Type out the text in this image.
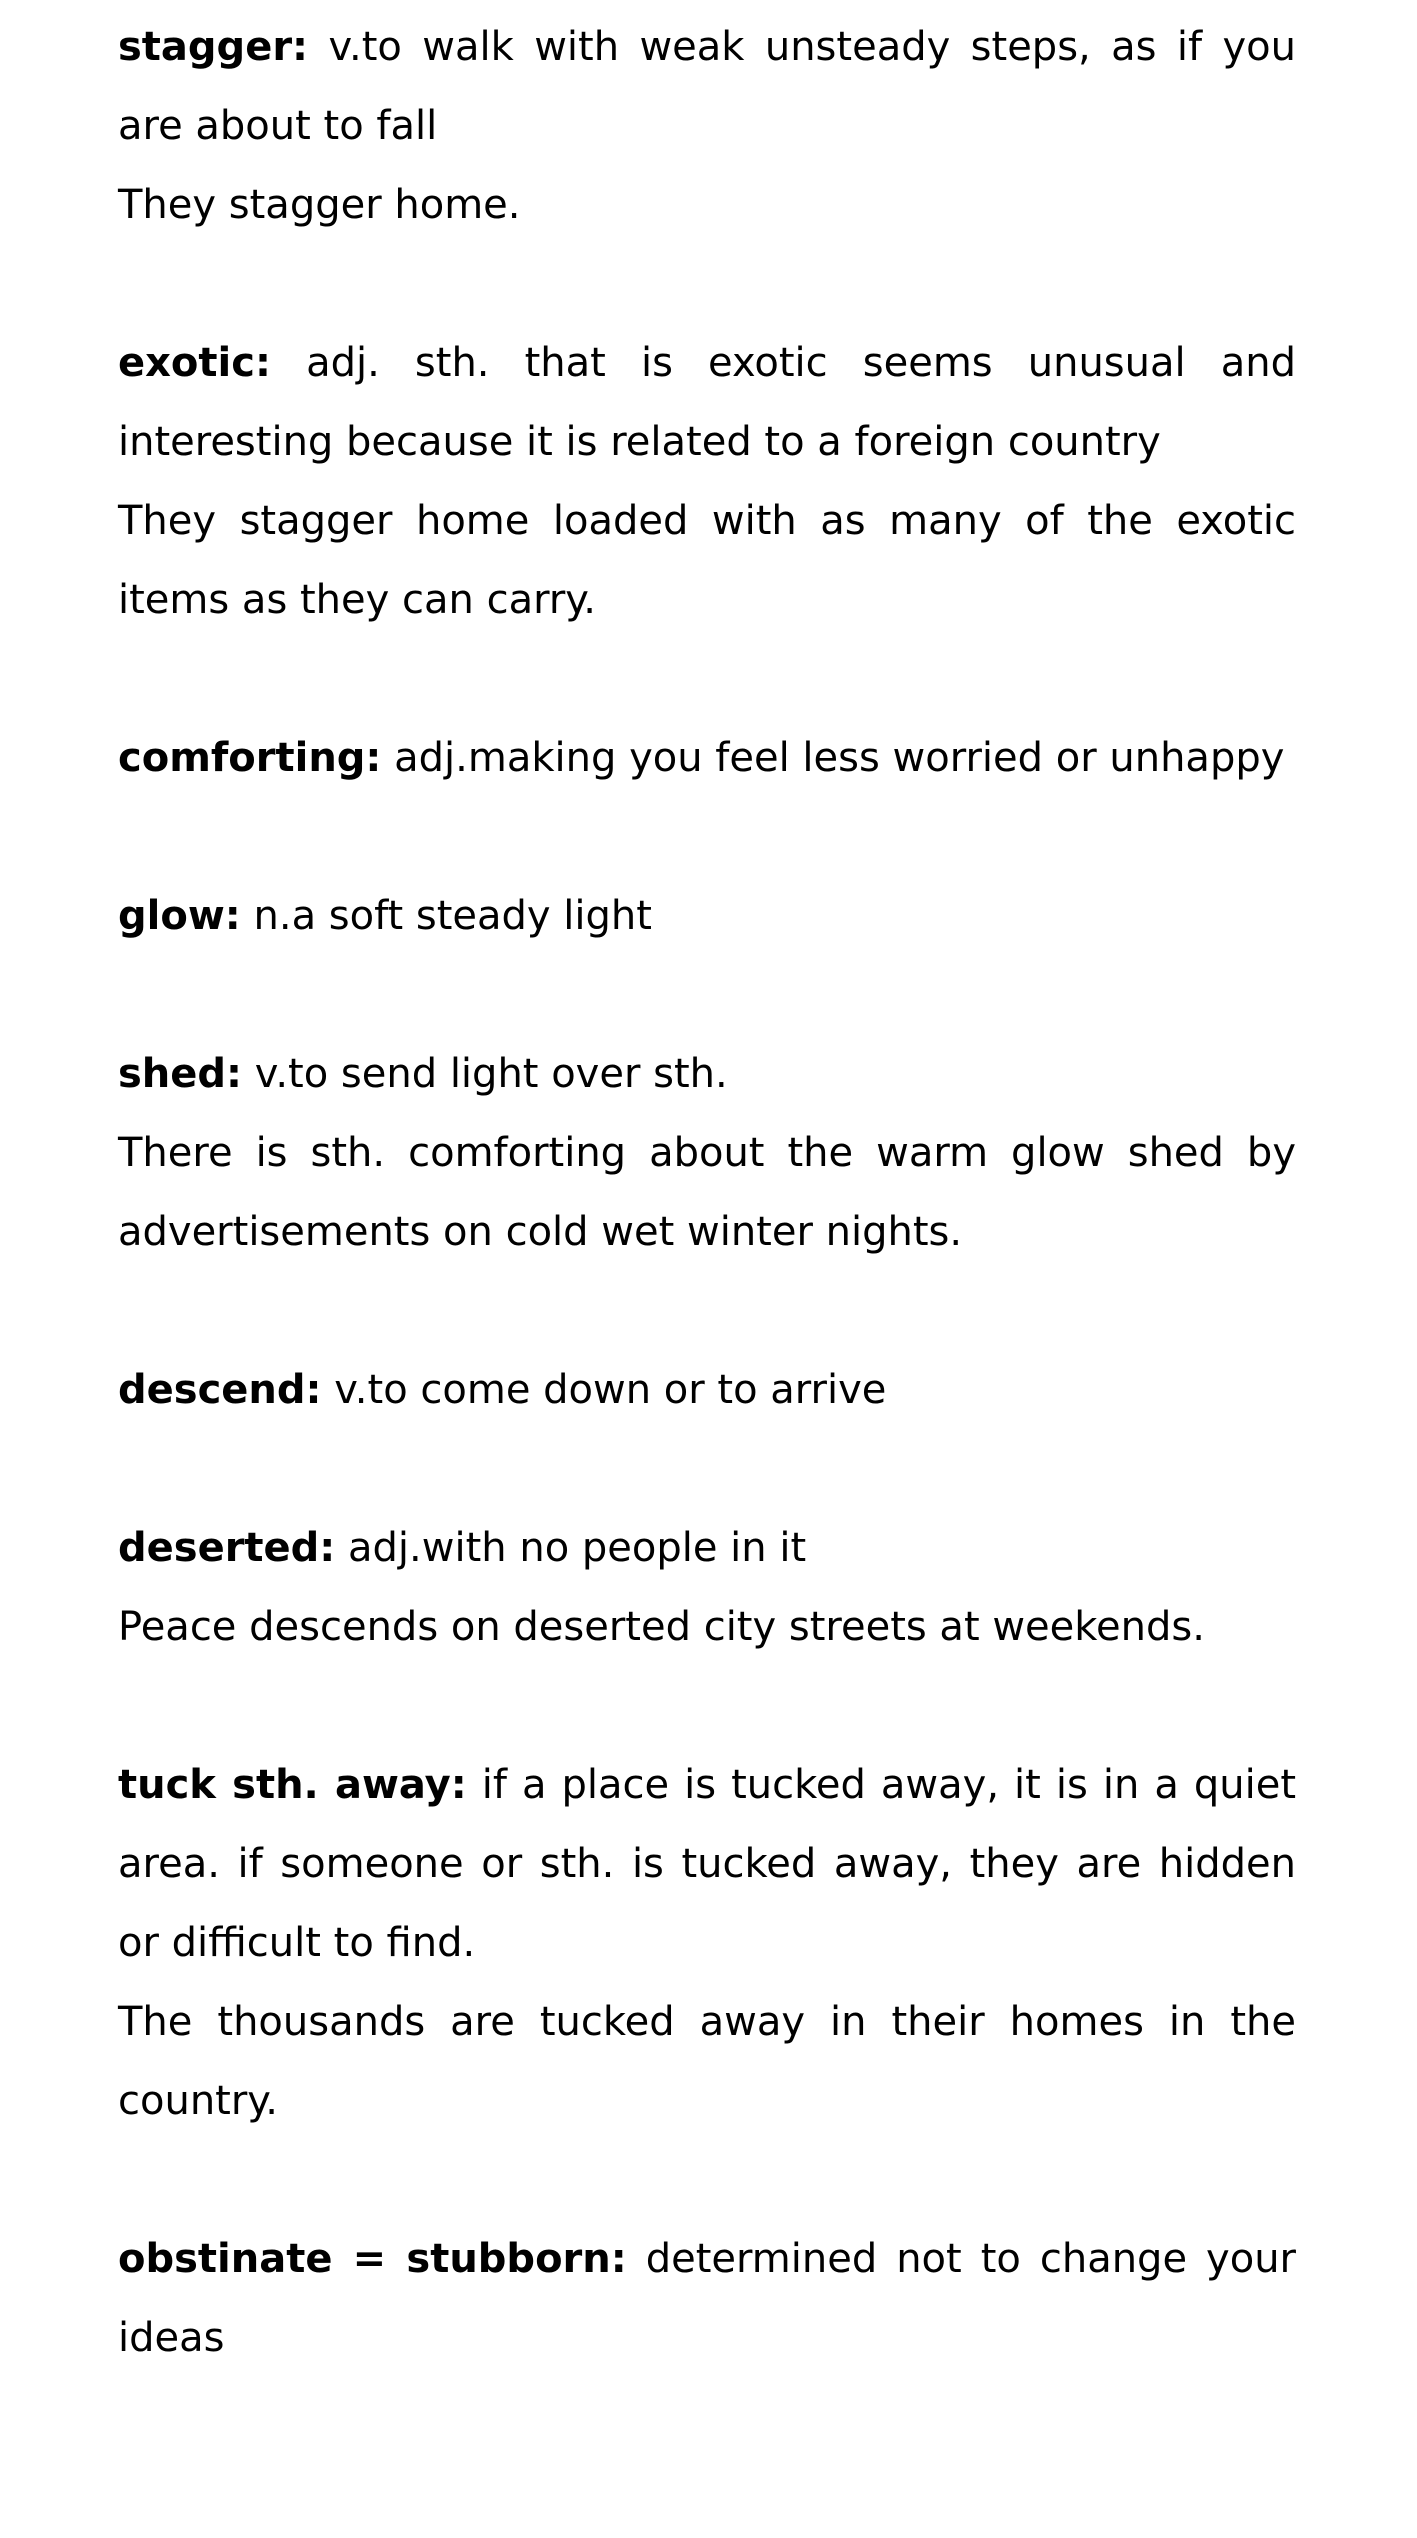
stagger: v.to walk with weak unsteady steps, as if you are about to fall

They stagger home.

exotic: adj. sth. that is exotic seems unusual and interesting because it is related to a foreign country

They stagger home loaded with as many of the exotic items as they can carry.

comforting: adj.making you feel less worried or unhappy

glow: n.a soft steady light

shed: v.to send light over sth.

There is sth. comforting about the warm glow shed by advertisements on cold wet winter nights.

descend: v.to come down or to arrive

deserted: adj.with no people in it

Peace descends on deserted city streets at weekends.

tuck sth. away: if a place is tucked away, it is in a quiet area. if someone or sth. is tucked away, they are hidden or difficult to find.

The thousands are tucked away in their homes in the country.

obstinate = stubborn: determined not to change your ideas
